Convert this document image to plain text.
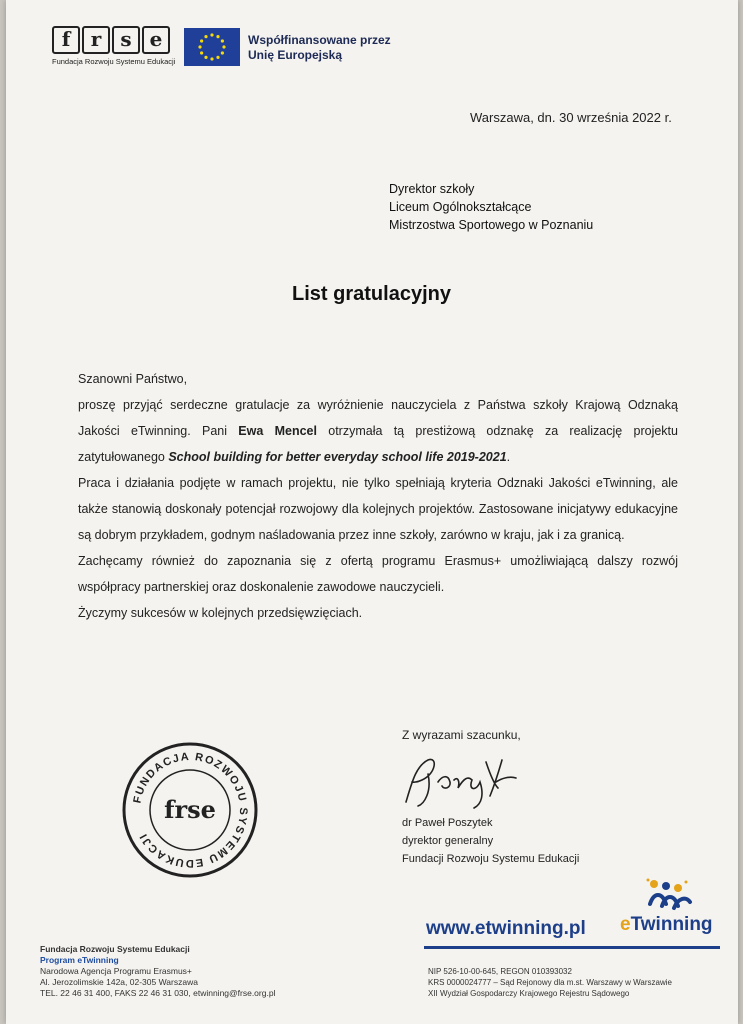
f	r s e
Fundacja Rozwoju Systemu Edukacji
Współfinansowane przez
Unię Europejską
Warszawa, dn. 30 września 2022 r.
Dyrektor szkoły
Liceum Ogólnokształcące
Mistrzostwa Sportowego w Poznaniu
List gratulacyjny

Szanowni Państwo,

proszę przyjąć serdeczne gratulacje za wyróżnienie nauczyciela z Państwa szkoły Krajową Odznaką Jakości eTwinning. Pani Ewa Mencel otrzymała tą prestiżową odznakę za realizację projektu zatytułowanego School building for better everyday school life 2019-2021.

Praca i działania podjęte w ramach projektu, nie tylko spełniają kryteria Odznaki Jakości eTwinning, ale także stanowią doskonały potencjał rozwojowy dla kolejnych projektów. Zastosowane inicjatywy edukacyjne są dobrym przykładem, godnym naśladowania przez inne szkoły, zarówno w kraju, jak i za granicą.

Zachęcamy również do zapoznania się z ofertą programu Erasmus+ umożliwiającą dalszy rozwój współpracy partnerskiej oraz doskonalenie zawodowe nauczycieli.

Życzymy sukcesów w kolejnych przedsięwzięciach.

FUNDACJA ROZWOJU SYSTEMU EDUKACJI
frse
Z wyrazami szacunku,
dr Paweł Poszytek
dyrektor generalny
Fundacji Rozwoju Systemu Edukacji
eTwinning
www.etwinning.pl
Fundacja Rozwoju Systemu Edukacji
Program eTwinning
Narodowa Agencja Programu Erasmus+
Al. Jerozolimskie 142a, 02-305 Warszawa
TEL. 22 46 31 400, FAKS 22 46 31 030, etwinning@frse.org.pl
NIP 526-10-00-645, REGON 010393032
KRS 0000024777 – Sąd Rejonowy dla m.st. Warszawy w Warszawie
XII Wydział Gospodarczy Krajowego Rejestru Sądowego
